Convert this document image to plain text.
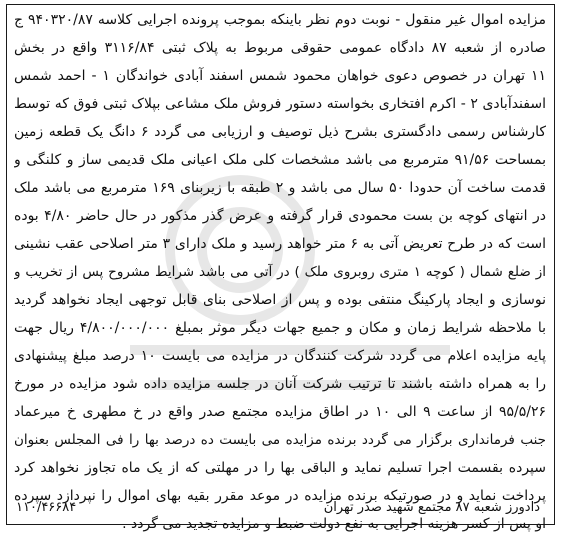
مزایده اموال غیر منقول - نوبت دوم نظر باینکه بموجب پرونده اجرایی کلاسه ۹۴۰۳۲۰/۸۷ ج
صادره از شعبه ۸۷ دادگاه عمومی حقوقی مربوط به پلاک ثبتی ۳۱۱۶/۸۴ واقع در بخش
۱۱ تهران در خصوص دعوی خواهان محمود شمس اسفند آبادی خواندگان ۱ - احمد شمس
اسفندآبادی ۲ - اکرم افتخاری بخواسته دستور فروش ملک مشاعی بپلاک ثبتی فوق که توسط
کارشناس رسمی دادگستری بشرح ذیل توصیف و ارزیابی می گردد ۶ دانگ یک قطعه زمین
بمساحت ۹۱/۵۶ مترمربع می باشد مشخصات کلی ملک اعیانی ملک قدیمی ساز و کلنگی و
قدمت ساخت آن حدودا ۵۰ سال می باشد و ۲ طبقه با زیربنای ۱۶۹ مترمربع می باشد ملک
در انتهای کوچه بن بست محمودی قرار گرفته و عرض گذر مذکور در حال حاضر ۴/۸۰ بوده
است که در طرح تعریض آتی به ۶ متر خواهد رسید و ملک دارای ۳ متر اصلاحی عقب نشینی
از ضلع شمال ( کوچه ۱ متری روبروی ملک ) در آتی می باشد شرایط مشروح پس از تخریب و
نوسازی و ایجاد پارکینگ منتفی بوده و پس از اصلاحی بنای قابل توجهی ایجاد نخواهد گردید
با ملاحظه شرایط زمان و مکان و جمیع جهات دیگر موثر بمبلغ ۴/۸۰۰/۰۰۰/۰۰۰ ریال جهت
پایه مزایده اعلام می گردد شرکت کنندگان در مزایده می بایست ۱۰ درصد مبلغ پیشنهادی
را به همراه داشته باشند تا ترتیب شرکت آنان در جلسه مزایده داده شود مزایده در مورخ
۹۵/۵/۲۶ از ساعت ۹ الی ۱۰ در اطاق مزایده مجتمع صدر واقع در خ مطهری خ میرعماد
جنب فرمانداری برگزار می گردد برنده مزایده می بایست ده درصد بها را فی المجلس بعنوان
سپرده بقسمت اجرا تسلیم نماید و الباقی بها را در مهلتی که از یک ماه تجاوز نخواهد کرد
پرداخت نماید و در صورتیکه برنده مزایده در موعد مقرر بقیه بهای اموال را نپردازد سپرده
او پس از کسر هزینه اجرایی به نفع دولت ضبط و مزایده تجدید می گردد .
دادورز شعبه ۸۷ مجتمع شهید صدر تهران
۱۱۰/۴۶۶۸۴
